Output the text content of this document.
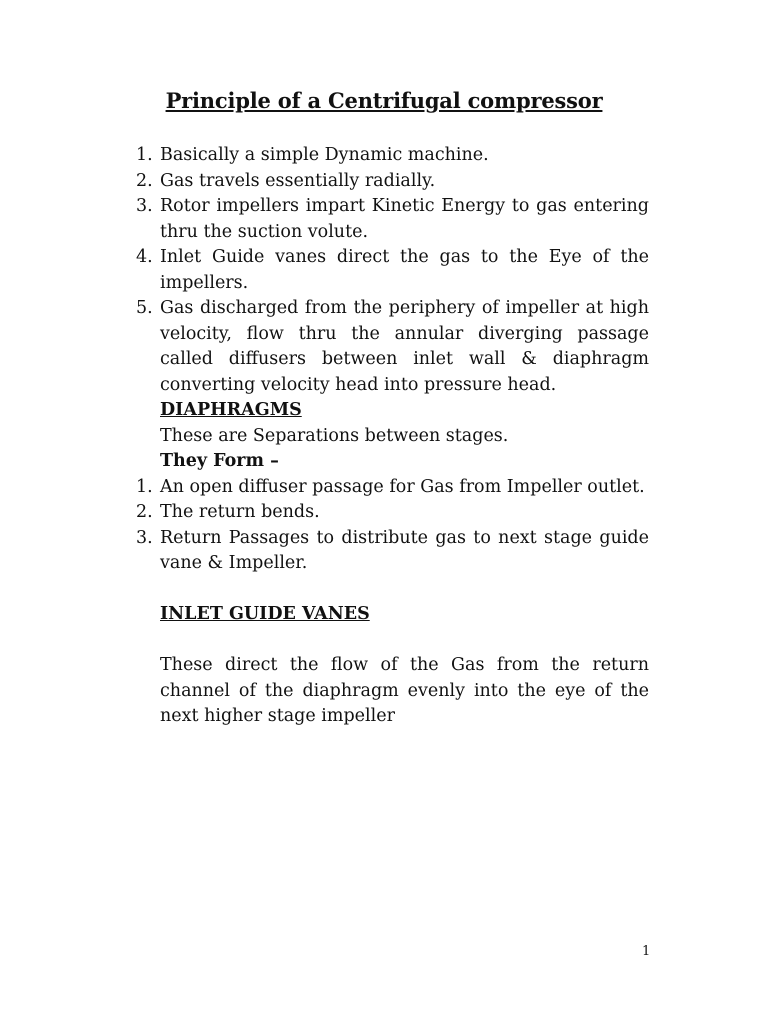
Principle of a Centrifugal compressor
1. Basically a simple Dynamic machine.
2. Gas travels essentially radially.
3. Rotor impellers impart Kinetic Energy to gas entering thru the suction volute.
4. Inlet Guide vanes direct the gas to the Eye of the impellers.
5. Gas discharged from the periphery of impeller at high velocity, flow thru the annular diverging passage called diffusers between inlet wall & diaphragm converting velocity head into pressure head.
DIAPHRAGMS
These are Separations between stages.
They Form –
1. An open diffuser passage for Gas from Impeller outlet.
2. The return bends.
3. Return Passages to distribute gas to next stage guide vane & Impeller.
INLET GUIDE VANES
These direct the flow of the Gas from the return channel of the diaphragm evenly into the eye of the next higher stage impeller
1
